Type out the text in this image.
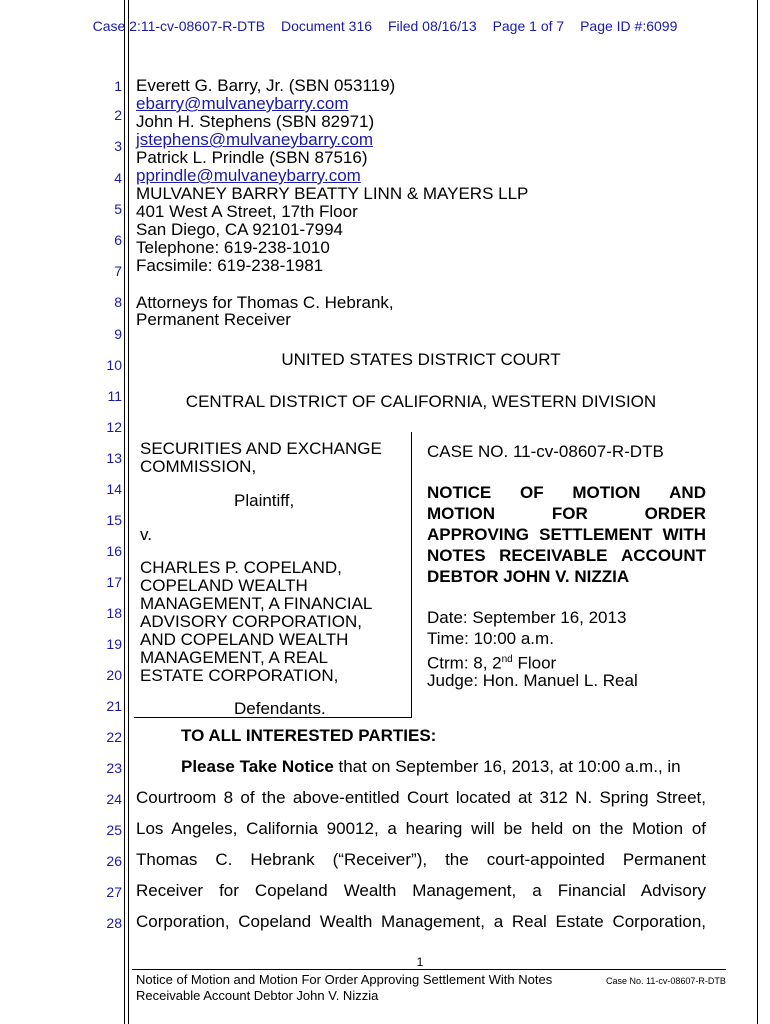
Case 2:11-cv-08607-R-DTB Document 316 Filed 08/16/13 Page 1 of 7 Page ID #:6099
1
2
3
4
5
6
7
8
9
10
11
12
13
14
15
16
17
18
19
20
21
22
23
24
25
26
27
28
Everett G. Barry, Jr. (SBN 053119)
ebarry@mulvaneybarry.com
John H. Stephens (SBN 82971)
jstephens@mulvaneybarry.com
Patrick L. Prindle (SBN 87516)
pprindle@mulvaneybarry.com
MULVANEY BARRY BEATTY LINN & MAYERS LLP
401 West A Street, 17th Floor
San Diego, CA 92101-7994
Telephone: 619-238-1010
Facsimile: 619-238-1981
Attorneys for Thomas C. Hebrank,
Permanent Receiver
UNITED STATES DISTRICT COURT
CENTRAL DISTRICT OF CALIFORNIA, WESTERN DIVISION
SECURITIES AND EXCHANGE
COMMISSION,
Plaintiff,
v.
CHARLES P. COPELAND,
COPELAND WEALTH
MANAGEMENT, A FINANCIAL
ADVISORY CORPORATION,
AND COPELAND WEALTH
MANAGEMENT, A REAL
ESTATE CORPORATION,
Defendants.
CASE NO. 11-cv-08607-R-DTB
NOTICE OF MOTION AND
MOTION	FOR	ORDER
APPROVING SETTLEMENT WITH
NOTES RECEIVABLE ACCOUNT
DEBTOR JOHN V. NIZZIA
Date: September 16, 2013
Time: 10:00 a.m.
Ctrm: 8, 2nd Floor
Judge: Hon. Manuel L. Real
TO ALL INTERESTED PARTIES:
Please Take Notice that on September 16, 2013, at 10:00 a.m., in
Courtroom 8 of the above-entitled Court located at 312 N. Spring Street,
Los Angeles, California 90012, a hearing will be held on the Motion of
Thomas C. Hebrank (“Receiver”), the court-appointed Permanent
Receiver for Copeland Wealth Management, a Financial Advisory
Corporation, Copeland Wealth Management, a Real Estate Corporation,
1
Notice of Motion and Motion For Order Approving Settlement With Notes
Receivable Account Debtor John V. Nizzia
Case No. 11-cv-08607-R-DTB
